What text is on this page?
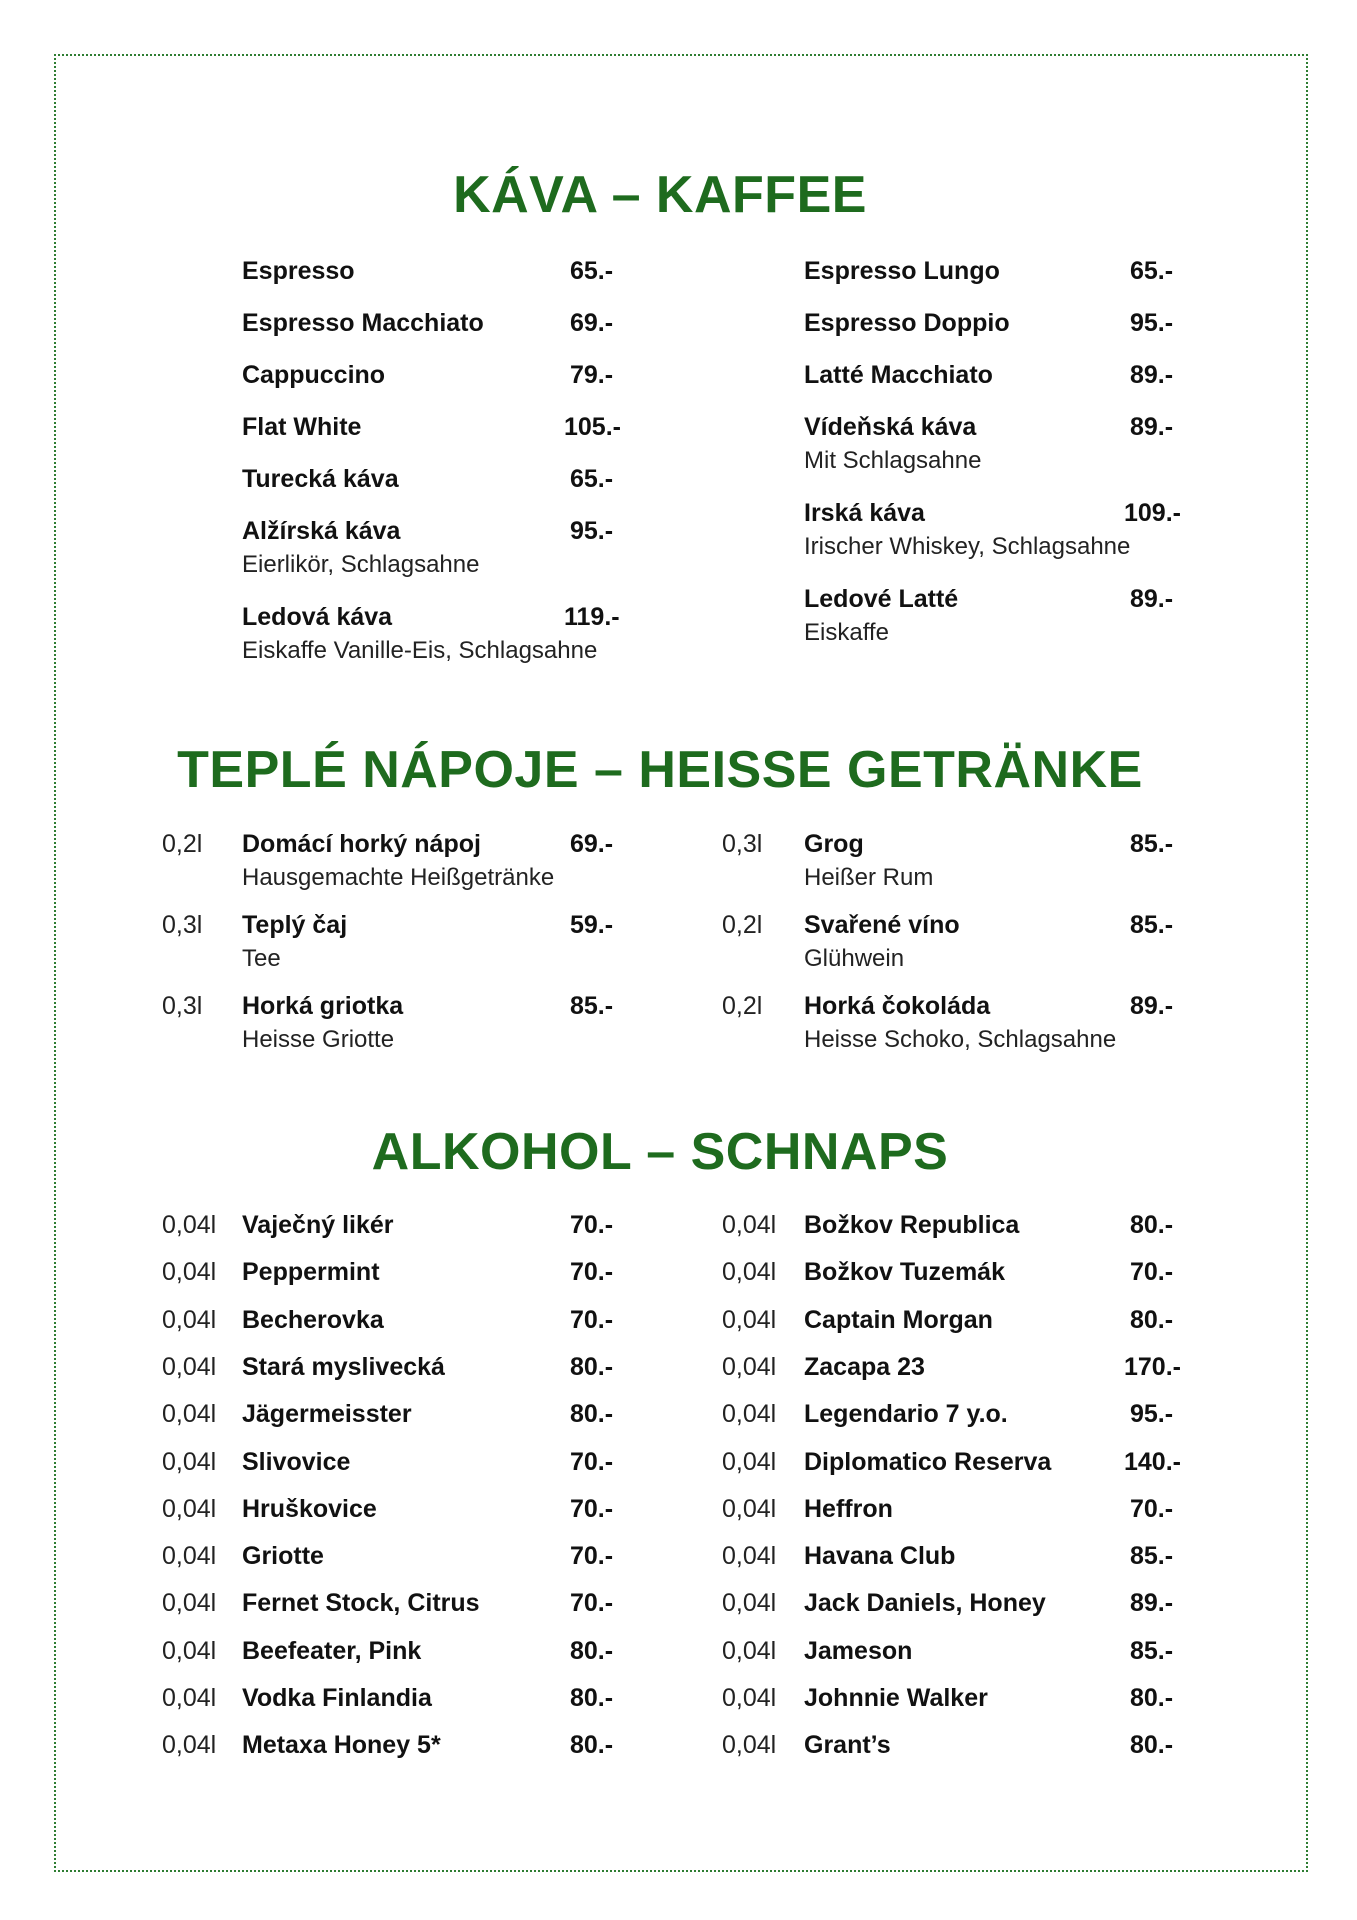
KÁVA – KAFFEE
Espresso	65.-
Espresso Macchiato	69.-
Cappuccino	79.-
Flat White	105.-
Turecká káva	65.-
Alžírská káva	95.-
Eierlikör, Schlagsahne
Ledová káva	119.-
Eiskaffe Vanille-Eis, Schlagsahne
Espresso Lungo	65.-
Espresso Doppio	95.-
Latté Macchiato	89.-
Vídeňská káva	89.-
Mit Schlagsahne
Irská káva	109.-
Irischer Whiskey, Schlagsahne
Ledové Latté	89.-
Eiskaffe
TEPLÉ NÁPOJE – HEISSE GETRÄNKE
0,2l Domácí horký nápoj	69.-
Hausgemachte Heißgetränke
0,3l Teplý čaj	59.-
Tee
0,3l Horká griotka	85.-
Heisse Griotte
0,3l Grog	85.-
Heißer Rum
0,2l Svařené víno	85.-
Glühwein
0,2l Horká čokoláda	89.-
Heisse Schoko, Schlagsahne
ALKOHOL – SCHNAPS
0,04l Vaječný likér	70.-
0,04l Peppermint	70.-
0,04l Becherovka	70.-
0,04l Stará myslivecká	80.-
0,04l Jägermeisster	80.-
0,04l Slivovice	70.-
0,04l Hruškovice	70.-
0,04l Griotte	70.-
0,04l Fernet Stock, Citrus	70.-
0,04l Beefeater, Pink	80.-
0,04l Vodka Finlandia	80.-
0,04l Metaxa Honey 5*	80.-
0,04l Božkov Republica	80.-
0,04l Božkov Tuzemák	70.-
0,04l Captain Morgan	80.-
0,04l Zacapa 23	170.-
0,04l Legendario 7 y.o.	95.-
0,04l Diplomatico Reserva	140.-
0,04l Heffron	70.-
0,04l Havana Club	85.-
0,04l Jack Daniels, Honey	89.-
0,04l Jameson	85.-
0,04l Johnnie Walker	80.-
0,04l Grant’s	80.-
